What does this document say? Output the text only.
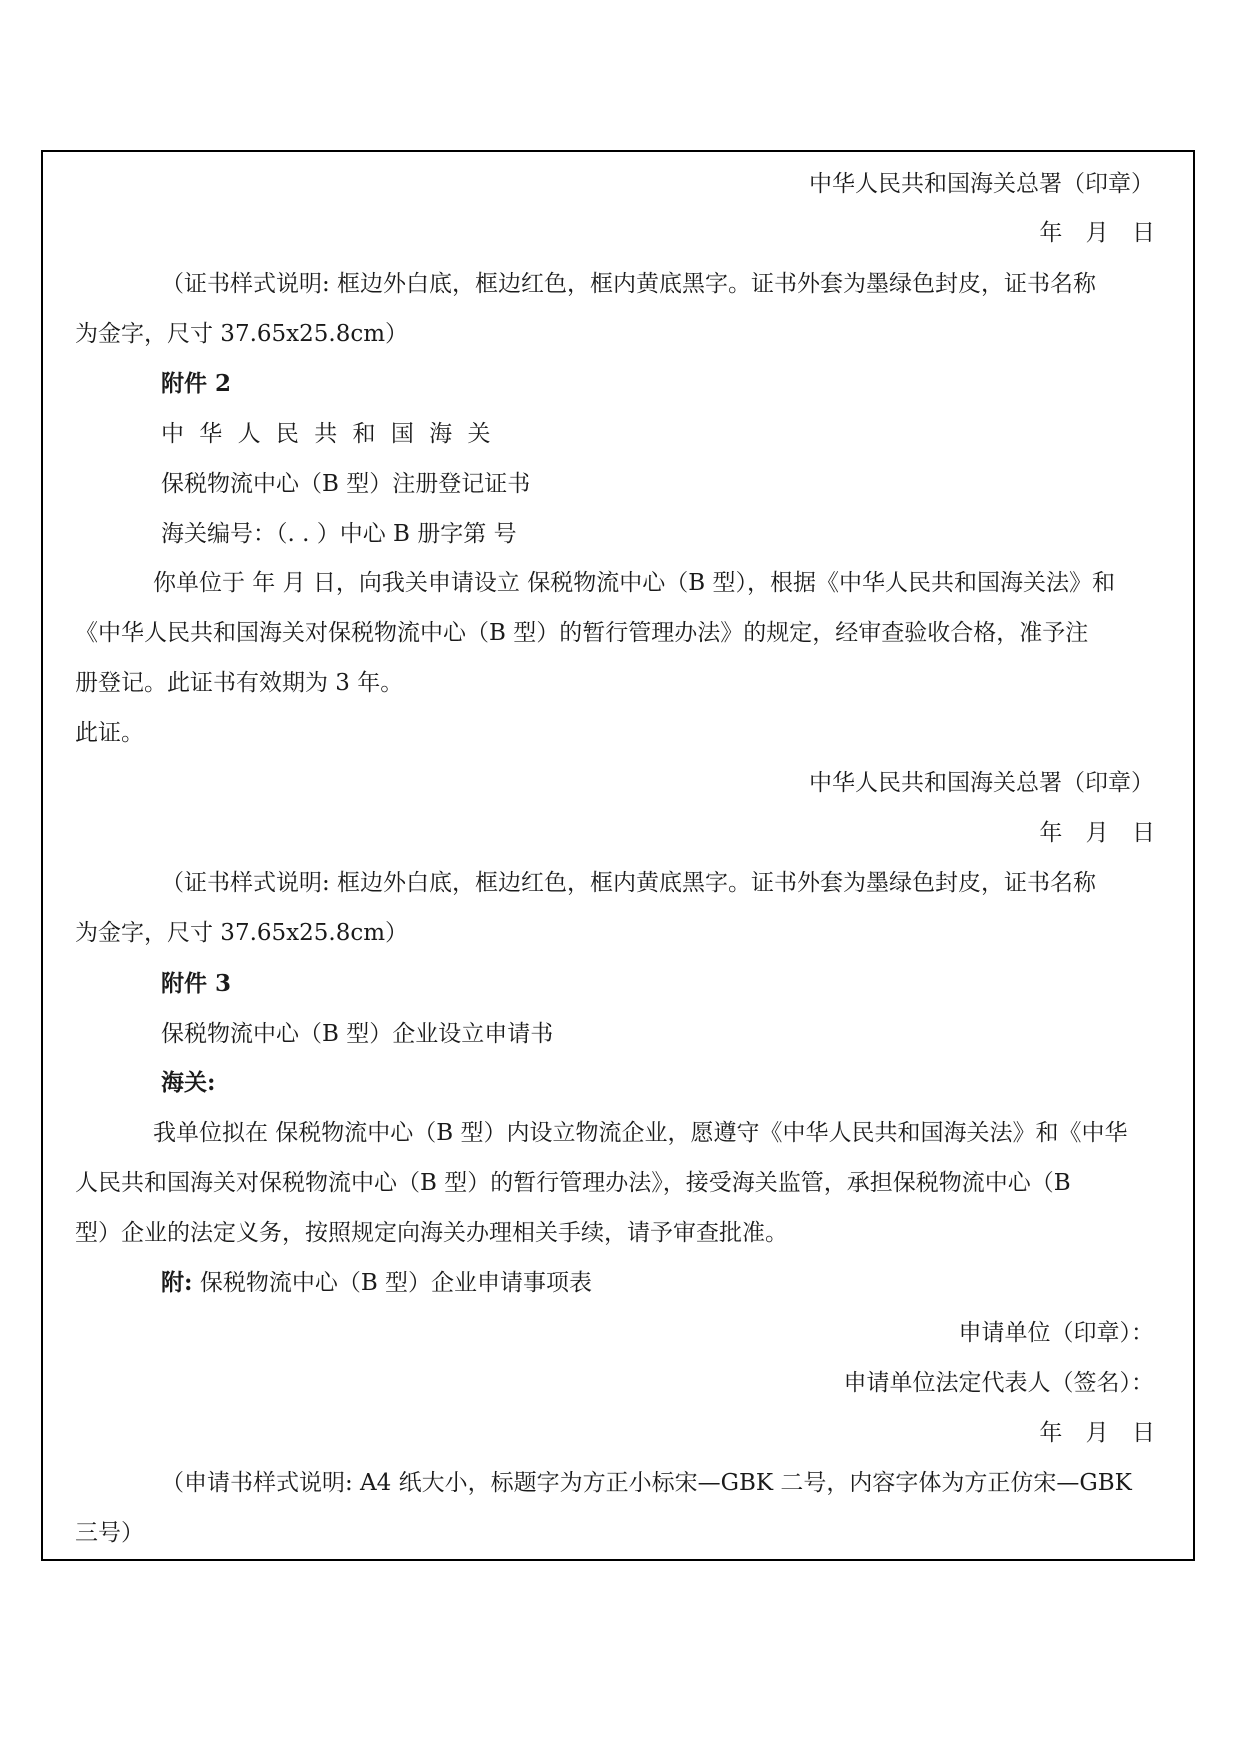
中华人民共和国海关总署（印章）
年 月 日
（证书样式说明: 框边外白底，框边红色，框内黄底黑字。证书外套为墨绿色封皮，证书名称
为金字，尺寸 37.65x25.8cm）
附件 2
中 华 人 民 共 和 国 海 关
保税物流中心（B 型）注册登记证书
海关编号：（. . ）中心 B 册字第 号
你单位于 年 月 日，向我关申请设立 保税物流中心（B 型），根据《中华人民共和国海关法》和
《中华人民共和国海关对保税物流中心（B 型）的暂行管理办法》的规定，经审查验收合格，准予注
册登记。此证书有效期为 3 年。
此证。
中华人民共和国海关总署（印章）
年 月 日
（证书样式说明: 框边外白底，框边红色，框内黄底黑字。证书外套为墨绿色封皮，证书名称
为金字，尺寸 37.65x25.8cm）
附件 3
保税物流中心（B 型）企业设立申请书
海关:
我单位拟在 保税物流中心（B 型）内设立物流企业，愿遵守《中华人民共和国海关法》和《中华
人民共和国海关对保税物流中心（B 型）的暂行管理办法》，接受海关监管，承担保税物流中心（B
型）企业的法定义务，按照规定向海关办理相关手续，请予审查批准。
附: 保税物流中心（B 型）企业申请事项表
申请单位（印章）：
申请单位法定代表人（签名）：
年 月 日
（申请书样式说明: A4 纸大小，标题字为方正小标宋—GBK 二号，内容字体为方正仿宋—GBK
三号）
